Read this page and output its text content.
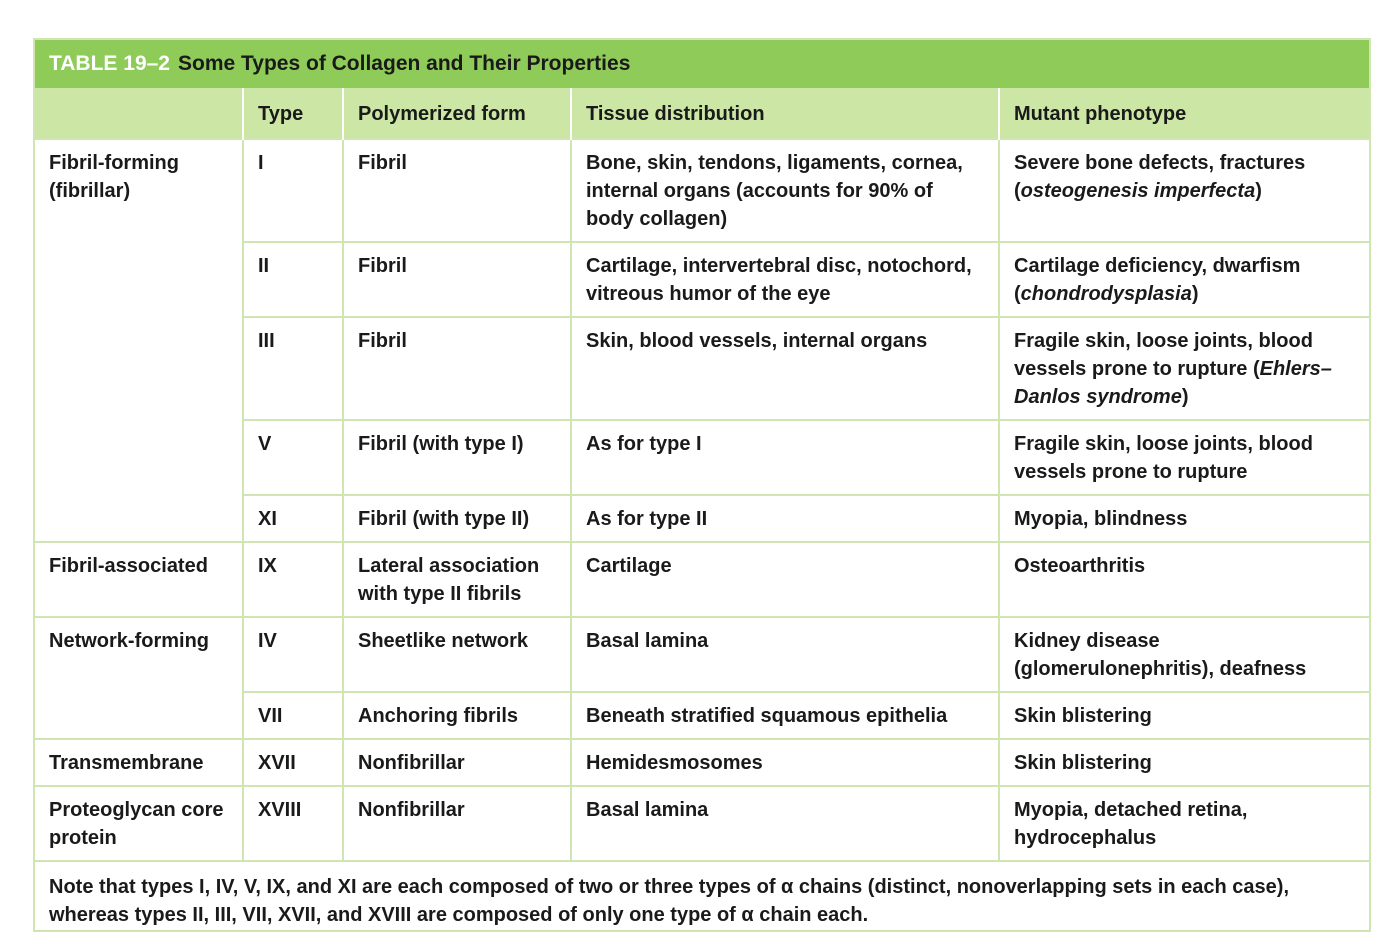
TABLE 19–2 Some Types of Collagen and Their Properties
	Type	Polymerized form	Tissue distribution	Mutant phenotype
Fibril-forming (fibrillar)	I	Fibril	Bone, skin, tendons, ligaments, cornea, internal organs (accounts for 90% of body collagen)	Severe bone defects, fractures (osteogenesis imperfecta)
	II	Fibril	Cartilage, intervertebral disc, notochord, vitreous humor of the eye	Cartilage deficiency, dwarfism (chondrodysplasia)
	III	Fibril	Skin, blood vessels, internal organs	Fragile skin, loose joints, blood vessels prone to rupture (Ehlers–Danlos syndrome)
	V	Fibril (with type I)	As for type I	Fragile skin, loose joints, blood vessels prone to rupture
	XI	Fibril (with type II)	As for type II	Myopia, blindness
Fibril-associated	IX	Lateral association with type II fibrils	Cartilage	Osteoarthritis
Network-forming	IV	Sheetlike network	Basal lamina	Kidney disease (glomerulonephritis), deafness
	VII	Anchoring fibrils	Beneath stratified squamous epithelia	Skin blistering
Transmembrane	XVII	Nonfibrillar	Hemidesmosomes	Skin blistering
Proteoglycan core protein	XVIII	Nonfibrillar	Basal lamina	Myopia, detached retina, hydrocephalus
Note that types I, IV, V, IX, and XI are each composed of two or three types of α chains (distinct, nonoverlapping sets in each case), whereas types II, III, VII, XVII, and XVIII are composed of only one type of α chain each.				
